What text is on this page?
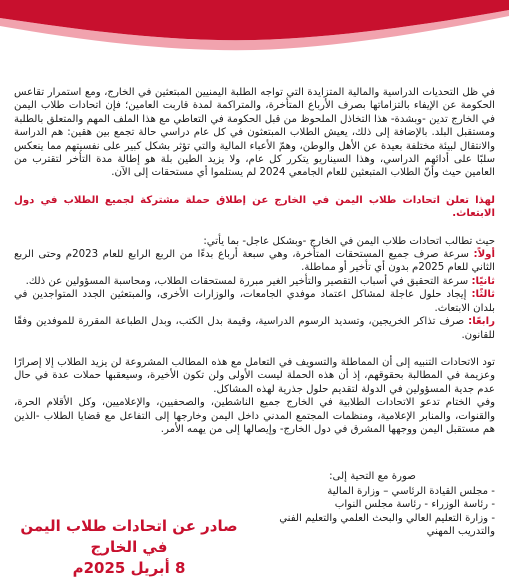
في ظل التحديات الدراسية والمالية المتزايدة التي تواجه الطلبة اليمنيين المبتعثين في الخارج، ومع استمرار تقاعس الحكومة عن الإيفاء بالتزاماتها بصرف الأرباع المتأخرة، والمتراكمة لمدة قاربت العامين؛ فإن اتحادات طلاب اليمن في الخارج تدين -وبشدة- هذا التخاذل الملحوظ من قبل الحكومة في التعاطي مع هذا الملف المهم والمتعلق بالطلبة ومستقبل البلد. بالإضافة إلى ذلك، يعيش الطلاب المبتعثون في كل عام دراسي حالة تجمع بين هقين: هم الدراسة والانتقال لبيئة مختلفة بعيدة عن الأهل والوطن، وهمّ الأعباء المالية والتي تؤثر بشكل كبير على نفسيتهم مما ينعكس سلبًا على أدائهم الدراسي، وهذا السيناريو يتكرر كل عام، ولا يزيد الطين بلة هو إطالة مدة التأخر لتقترب من العامين حيث وأنّ الطلاب المتبعثين للعام الجامعي 2024 لم يستلموا أي مستحقات إلى الآن.

لهذا تعلن اتحادات طلاب اليمن في الخارج عن إطلاق حملة مشتركة لجميع الطلاب في دول الابتعاث.

حيث تطالب اتحادات طلاب اليمن في الخارج -وبشكل عاجل- بما يأتي:

أولاً: سرعة صرف جميع المستحقات المتأخرة، وهي سبعة أرباع بدءًا من الربع الرابع للعام 2023م وحتى الربع الثاني للعام 2025م بدون أي تأخير أو مماطلة.

ثانيًا: سرعة التحقيق في أسباب التقصير والتأخير الغير مبررة لمستحقات الطلاب، ومحاسبة المسؤولين عن ذلك.

ثالثًا: إيجاد حلول عاجلة لمشاكل اعتماد موفدي الجامعات، والوزارات الأخرى، والمبتعثين الجدد المتواجدين في بلدان الابتعاث.

رابعًا: صرف تذاكر الخريجين، وتسديد الرسوم الدراسية، وقيمة بدل الكتب، وبدل الطباعة المقررة للموفدين وفقًا للقانون.

تود الاتحادات التنبيه إلى أن المماطلة والتسويف في التعامل مع هذه المطالب المشروعة لن يزيد الطلاب إلا إصرارًا وعزيمة في المطالبة بحقوقهم، إذ أن هذه الحملة ليست الأولى ولن تكون الأخيرة، وسيعقبها حملات عدة في حال عدم جدية المسؤولين في الدولة لتقديم حلول جذرية لهذه المشاكل.

وفي الختام تدعو الاتحادات الطلابية في الخارج جميع الناشطين، والصحفيين، والإعلاميين، وكل الأقلام الحرة، والقنوات، والمنابر الإعلامية، ومنظمات المجتمع المدني داخل اليمن وخارجها إلى التفاعل مع قضايا الطلاب -الذين هم مستقبل اليمن ووجهها المشرق في دول الخارج- وإيصالها إلى من يهمه الأمر.

صورة مع التحية إلى:

- مجلس القيادة الرئاسي – وزارة المالية

- رئاسة الوزراء - رئاسة مجلس النواب

- وزارة التعليم العالي والبحث العلمي والتعليم الفني والتدريب المهني

صادر عن اتحادات طلاب اليمن في الخارج

8 أبريل 2025م
